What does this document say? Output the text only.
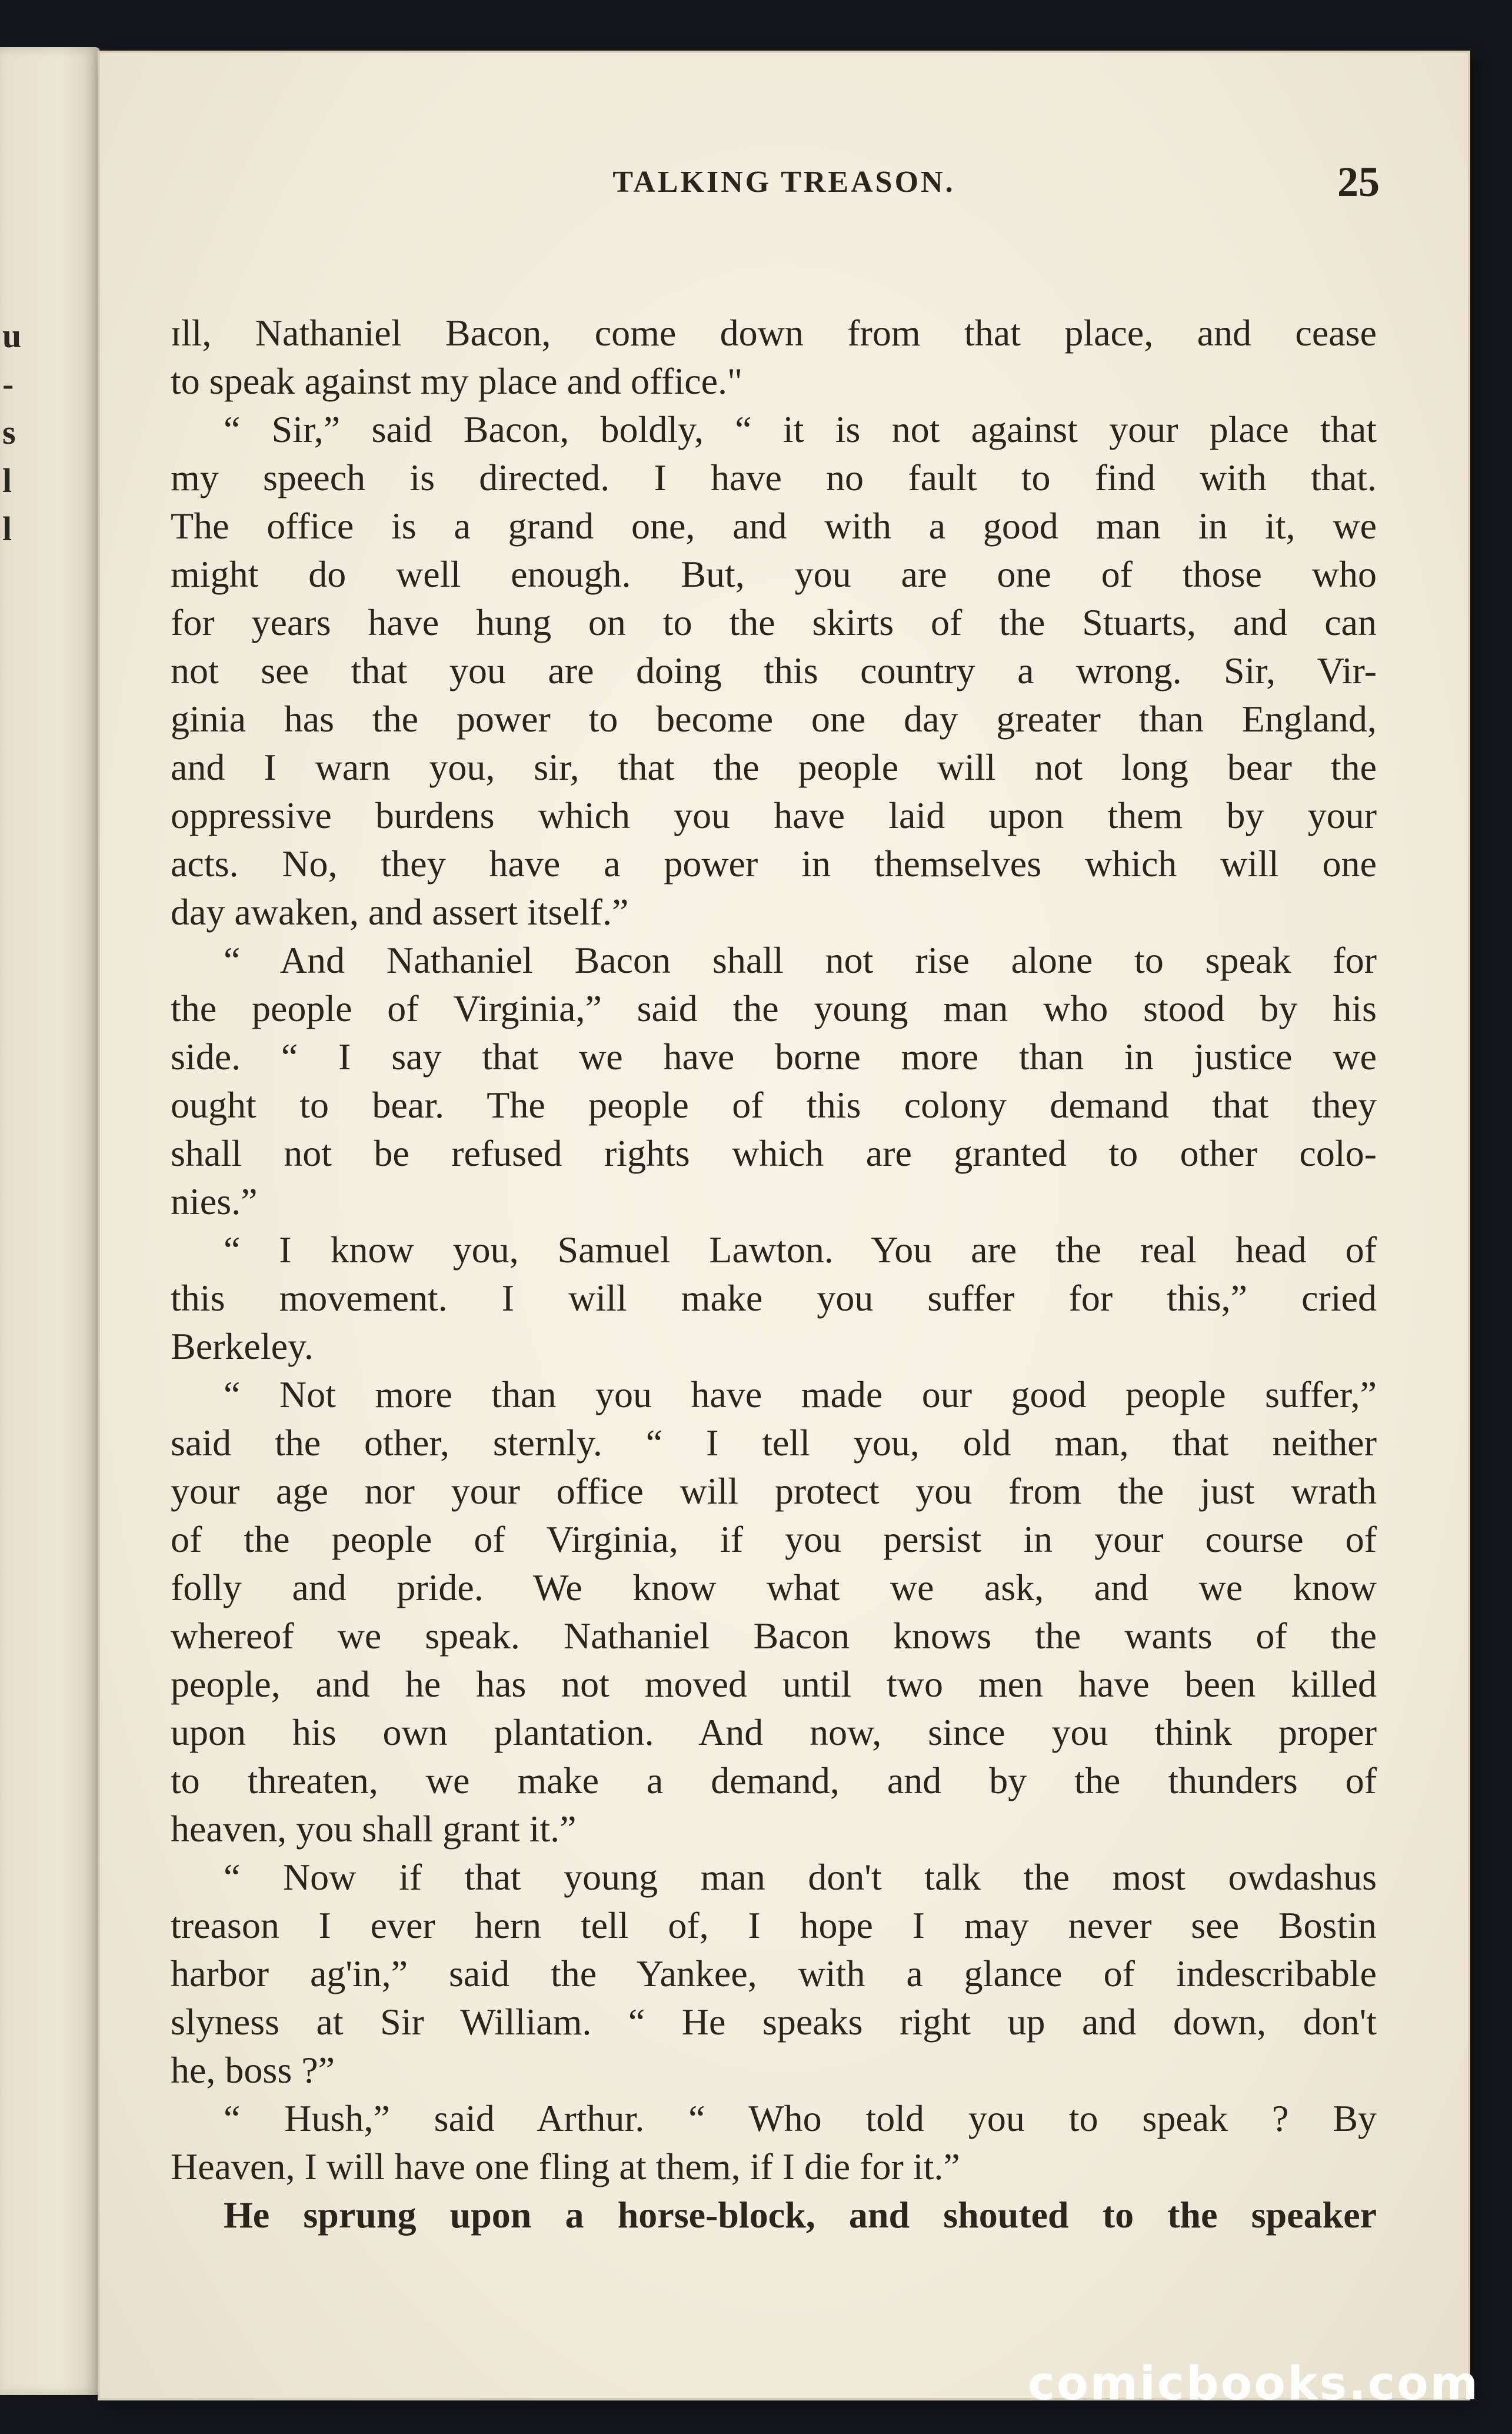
u
-
s
l
l
TALKING TREASON.	25
ɪll, Nathaniel Bacon, come down from that place, and cease
to speak against my place and office."
“ Sir,” said Bacon, boldly, “ it is not against your place that
my speech is directed. I have no fault to find with that.
The office is a grand one, and with a good man in it, we
might do well enough. But, you are one of those who
for years have hung on to the skirts of the Stuarts, and can
not see that you are doing this country a wrong. Sir, Vir-
ginia has the power to become one day greater than England,
and I warn you, sir, that the people will not long bear the
oppressive burdens which you have laid upon them by your
acts. No, they have a power in themselves which will one
day awaken, and assert itself.”
“ And Nathaniel Bacon shall not rise alone to speak for
the people of Virginia,” said the young man who stood by his
side. “ I say that we have borne more than in justice we
ought to bear. The people of this colony demand that they
shall not be refused rights which are granted to other colo-
nies.”
“ I know you, Samuel Lawton. You are the real head of
this movement. I will make you suffer for this,” cried
Berkeley.
“ Not more than you have made our good people suffer,”
said the other, sternly. “ I tell you, old man, that neither
your age nor your office will protect you from the just wrath
of the people of Virginia, if you persist in your course of
folly and pride. We know what we ask, and we know
whereof we speak. Nathaniel Bacon knows the wants of the
people, and he has not moved until two men have been killed
upon his own plantation. And now, since you think proper
to threaten, we make a demand, and by the thunders of
heaven, you shall grant it.”
“ Now if that young man don't talk the most owdashus
treason I ever hern tell of, I hope I may never see Bostin
harbor ag'in,” said the Yankee, with a glance of indescribable
slyness at Sir William. “ He speaks right up and down, don't
he, boss ?”
“ Hush,” said Arthur. “ Who told you to speak ? By
Heaven, I will have one fling at them, if I die for it.”
He sprung upon a horse-block, and shouted to the speaker
comicbooks.com
